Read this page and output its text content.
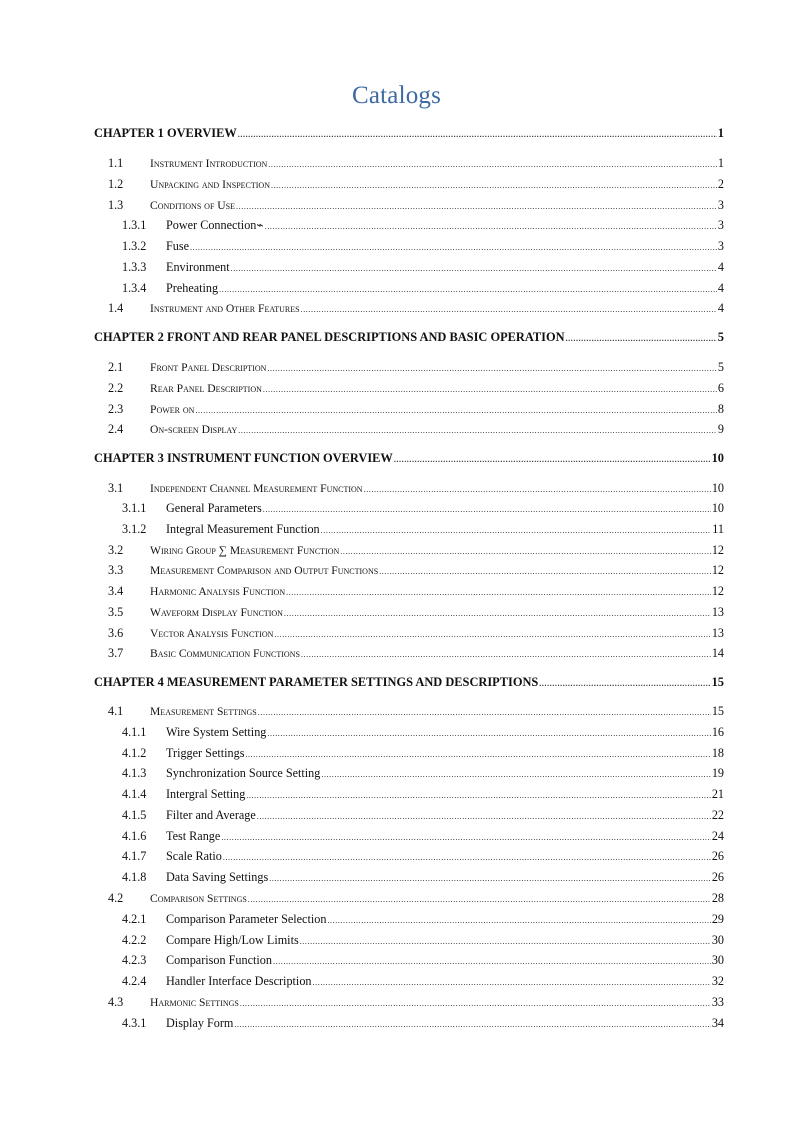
Catalogs
CHAPTER 1 OVERVIEW .....	1
1.1 Instrument Introduction .....	1
1.2 Unpacking and Inspection .....	2
1.3 Conditions of Use .....	3
1.3.1	Power Connection⌁ .....	3
1.3.2	Fuse .....	3
1.3.3	Environment .....	4
1.3.4	Preheating .....	4
1.4 Instrument and Other Features .....	4
CHAPTER 2 FRONT AND REAR PANEL DESCRIPTIONS AND BASIC OPERATION .....	5
2.1 Front Panel Description .....	5
2.2 Rear Panel Description .....	6
2.3 Power on .....	8
2.4 On-screen Display .....	9
CHAPTER 3 INSTRUMENT FUNCTION OVERVIEW .....	10
3.1 Independent Channel Measurement Function .....	10
3.1.1	General Parameters .....	10
3.1.2	Integral Measurement Function .....	11
3.2 Wiring Group ∑ Measurement Function .....	12
3.3 Measurement Comparison and Output Functions .....	12
3.4 Harmonic Analysis Function .....	12
3.5 Waveform Display Function .....	13
3.6 Vector Analysis Function .....	13
3.7 Basic Communication Functions .....	14
CHAPTER 4 MEASUREMENT PARAMETER SETTINGS AND DESCRIPTIONS .....	15
4.1 Measurement Settings .....	15
4.1.1	Wire System Setting .....	16
4.1.2	Trigger Settings .....	18
4.1.3	Synchronization Source Setting .....	19
4.1.4	Intergral Setting .....	21
4.1.5	Filter and Average .....	22
4.1.6	Test Range .....	24
4.1.7	Scale Ratio .....	26
4.1.8	Data Saving Settings .....	26
4.2 Comparison Settings .....	28
4.2.1	Comparison Parameter Selection .....	29
4.2.2	Compare High/Low Limits .....	30
4.2.3	Comparison Function .....	30
4.2.4	Handler Interface Description .....	32
4.3 Harmonic Settings .....	33
4.3.1	Display Form .....	34
